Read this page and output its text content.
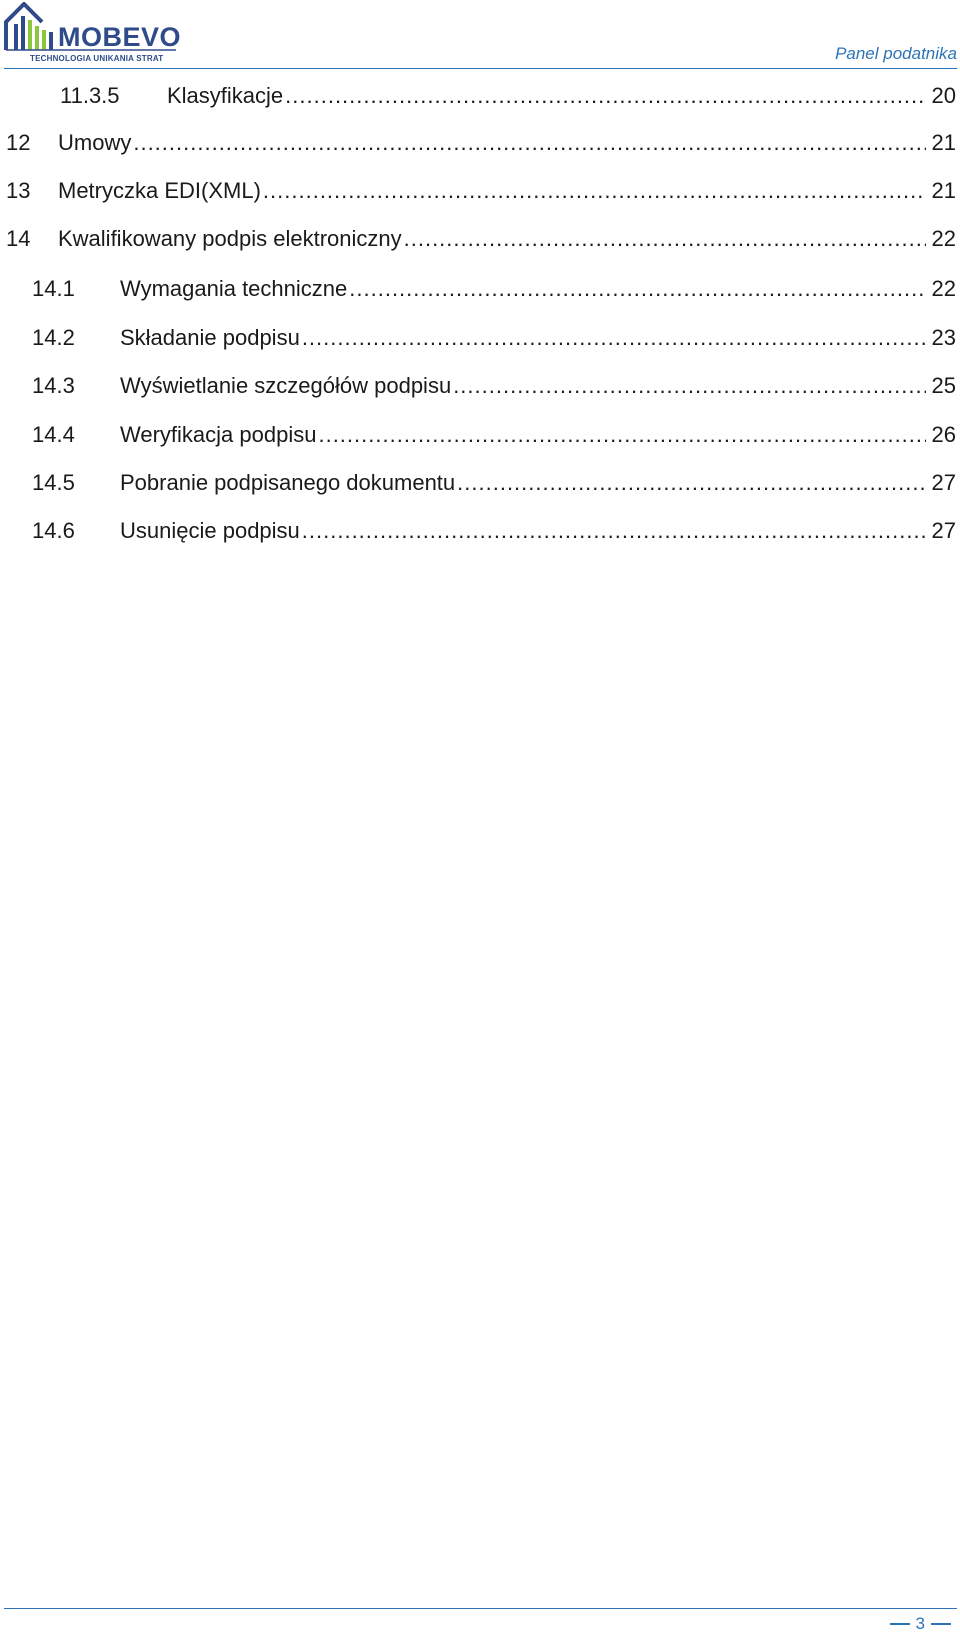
MOBEVO
TECHNOLOGIA UNIKANIA STRAT	Panel podatnika
11.3.5 Klasyfikacje .....	20
12 Umowy .....	21
13 Metryczka EDI(XML) .....	21
14 Kwalifikowany podpis elektroniczny .....	22
14.1 Wymagania techniczne .....	22
14.2 Składanie podpisu .....	23
14.3 Wyświetlanie szczegółów podpisu .....	25
14.4 Weryfikacja podpisu .....	26
14.5 Pobranie podpisanego dokumentu .....	27
14.6 Usunięcie podpisu .....	27
3
